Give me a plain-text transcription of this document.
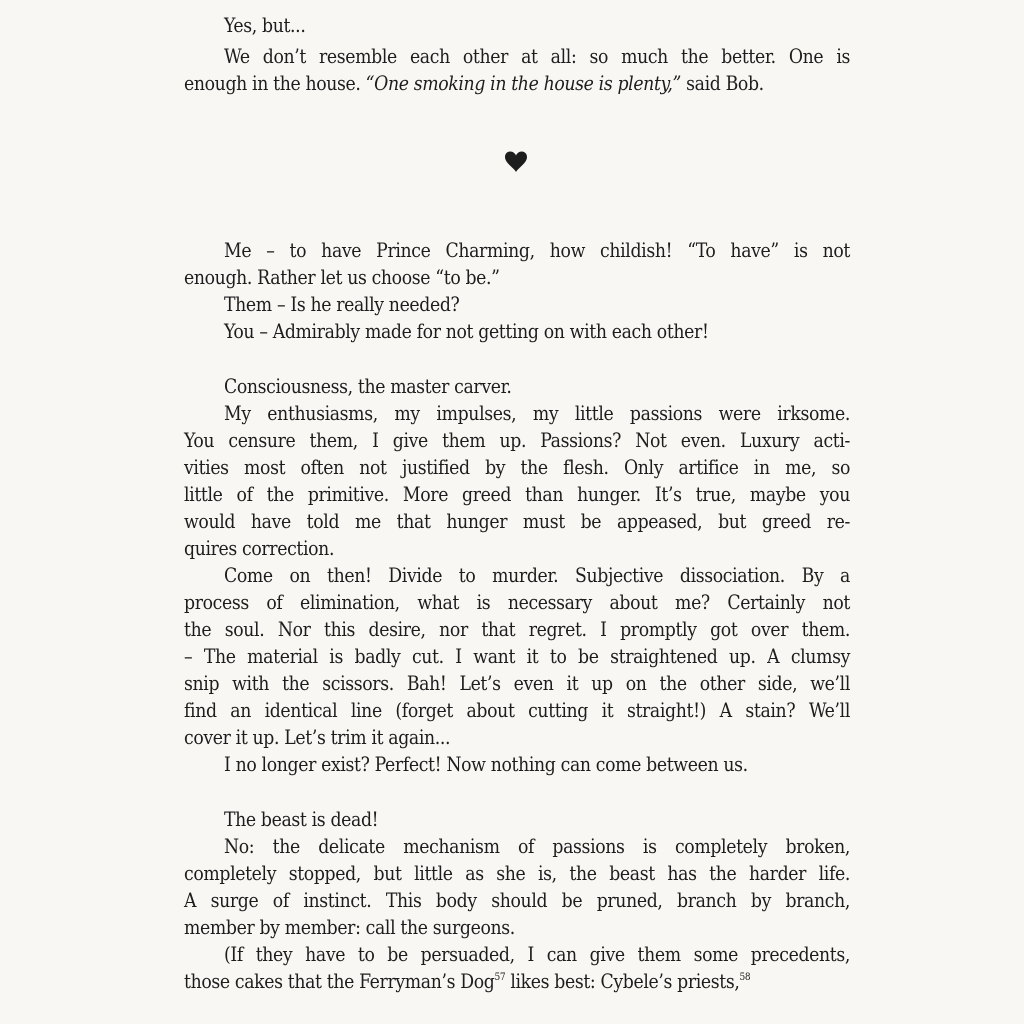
Yes, but...
We don’t resemble each other at all: so much the better. One is
enough in the house. “One smoking in the house is plenty,” said Bob.
Me – to have Prince Charming, how childish! “To have” is not
enough. Rather let us choose “to be.”
Them – Is he really needed?
You – Admirably made for not getting on with each other!
Consciousness, the master carver.
My enthusiasms, my impulses, my little passions were irksome.
You censure them, I give them up. Passions? Not even. Luxury acti-
vities most often not justified by the flesh. Only artifice in me, so
little of the primitive. More greed than hunger. It’s true, maybe you
would have told me that hunger must be appeased, but greed re-
quires correction.
Come on then! Divide to murder. Subjective dissociation. By a
process of elimination, what is necessary about me? Certainly not
the soul. Nor this desire, nor that regret. I promptly got over them.
– The material is badly cut. I want it to be straightened up. A clumsy
snip with the scissors. Bah! Let’s even it up on the other side, we’ll
find an identical line (forget about cutting it straight!) A stain? We’ll
cover it up. Let’s trim it again...
I no longer exist? Perfect! Now nothing can come between us.
The beast is dead!
No: the delicate mechanism of passions is completely broken,
completely stopped, but little as she is, the beast has the harder life.
A surge of instinct. This body should be pruned, branch by branch,
member by member: call the surgeons.
(If they have to be persuaded, I can give them some precedents,
those cakes that the Ferryman’s Dog$^{57}$ likes best: Cybele’s priests,$^{58}$
